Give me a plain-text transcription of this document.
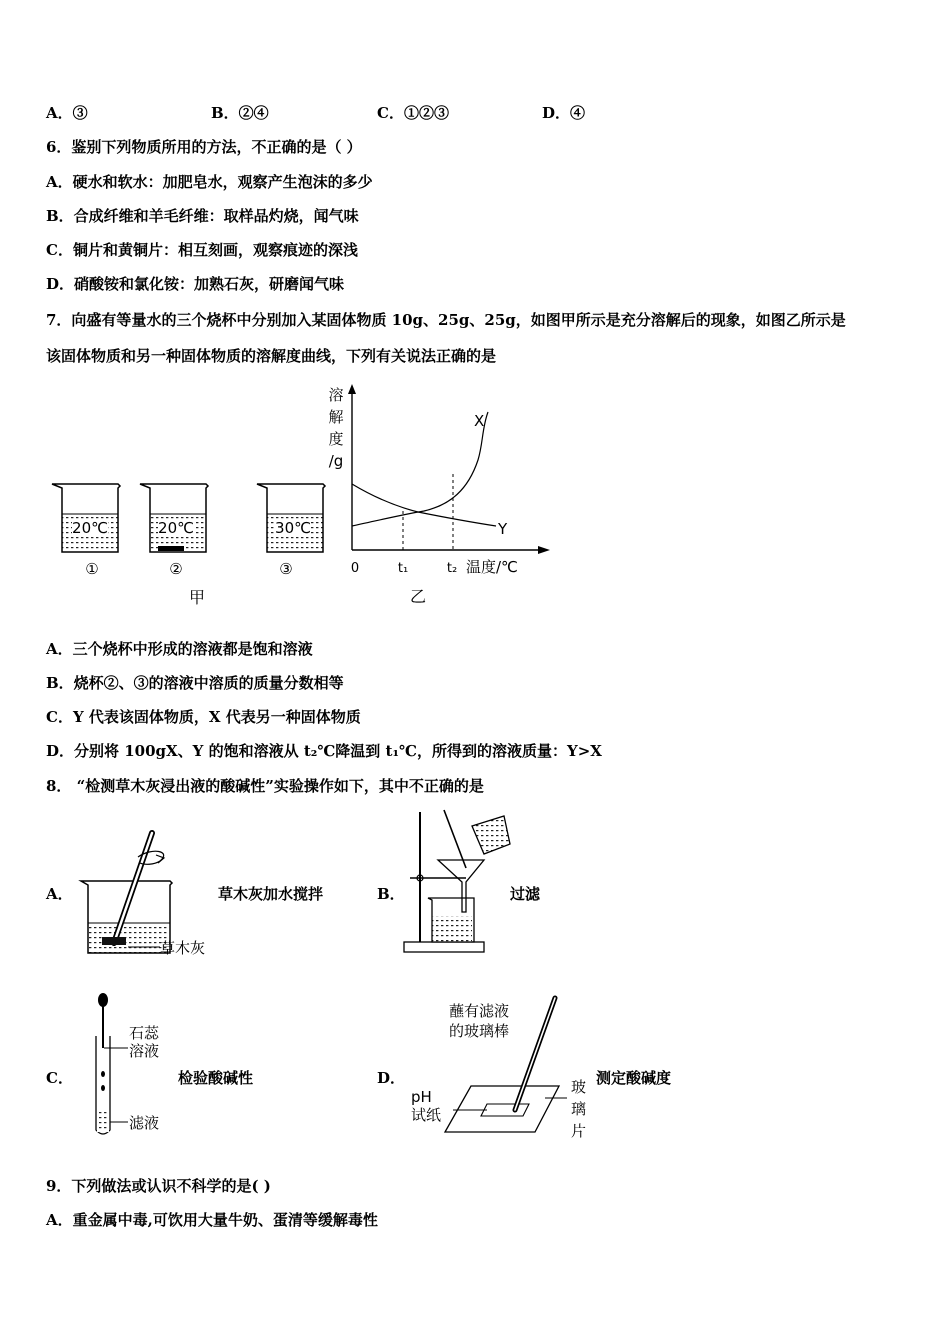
A．③	B．②④	C．①②③	D．④
6．鉴别下列物质所用的方法，不正确的是（ ）
A．硬水和软水：加肥皂水，观察产生泡沫的多少
B．合成纤维和羊毛纤维：取样品灼烧，闻气味
C．铜片和黄铜片：相互刻画，观察痕迹的深浅
D．硝酸铵和氯化铵：加熟石灰，研磨闻气味
7．向盛有等量水的三个烧杯中分别加入某固体物质 10g、25g、25g，如图甲所示是充分溶解后的现象，如图乙所示是
该固体物质和另一种固体物质的溶解度曲线，下列有关说法正确的是
20℃
①
20℃
②
30℃
③
甲
溶
解
度
/g
X
Y
0	t₁	t₂ 温度/℃
乙
A．三个烧杯中形成的溶液都是饱和溶液
B．烧杯②、③的溶液中溶质的质量分数相等
C．Y 代表该固体物质，X 代表另一种固体物质
D．分别将 100gX、Y 的饱和溶液从 t₂℃降温到 t₁℃，所得到的溶液质量：Y>X
8． “检测草木灰浸出液的酸碱性”实验操作如下，其中不正确的是
A．	草木灰加水搅拌
草木灰
B．	过滤
C．	检验酸碱性
石蕊
溶液
滤液
D．	测定酸碱度
蘸有滤液
的玻璃棒
pH
试纸
玻
璃
片
9．下列做法或认识不科学的是( )
A．重金属中毒,可饮用大量牛奶、蛋清等缓解毒性
